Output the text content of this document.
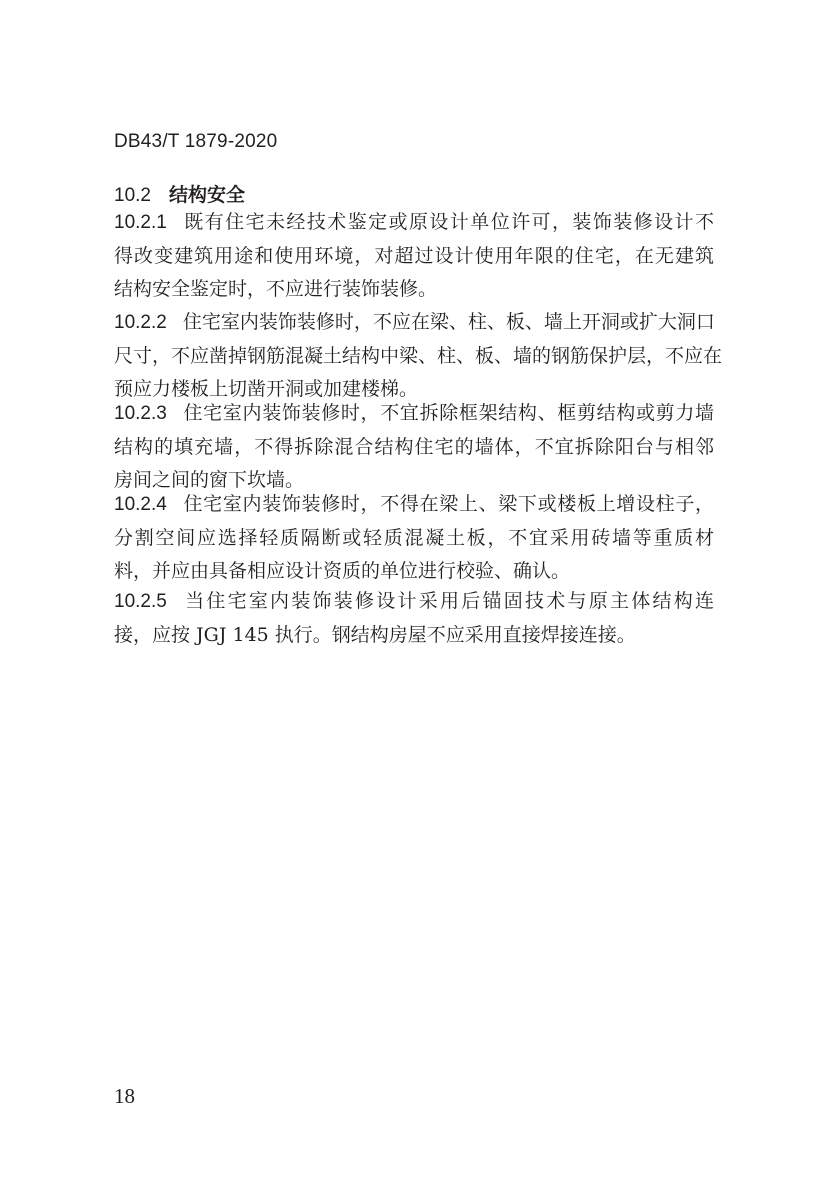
DB43/T 1879-2020
10.2 结构安全
10.2.1 既有住宅未经技术鉴定或原设计单位许可，装饰装修设计不
得改变建筑用途和使用环境，对超过设计使用年限的住宅，在无建筑
结构安全鉴定时，不应进行装饰装修。
10.2.2 住宅室内装饰装修时，不应在梁、柱、板、墙上开洞或扩大洞口
尺寸，不应凿掉钢筋混凝土结构中梁、柱、板、墙的钢筋保护层，不应在
预应力楼板上切凿开洞或加建楼梯。
10.2.3 住宅室内装饰装修时，不宜拆除框架结构、框剪结构或剪力墙
结构的填充墙，不得拆除混合结构住宅的墙体，不宜拆除阳台与相邻
房间之间的窗下坎墙。
10.2.4 住宅室内装饰装修时，不得在梁上、梁下或楼板上增设柱子，
分割空间应选择轻质隔断或轻质混凝土板，不宜采用砖墙等重质材
料，并应由具备相应设计资质的单位进行校验、确认。
10.2.5 当住宅室内装饰装修设计采用后锚固技术与原主体结构连
接，应按 JGJ 145 执行。钢结构房屋不应采用直接焊接连接。
18
